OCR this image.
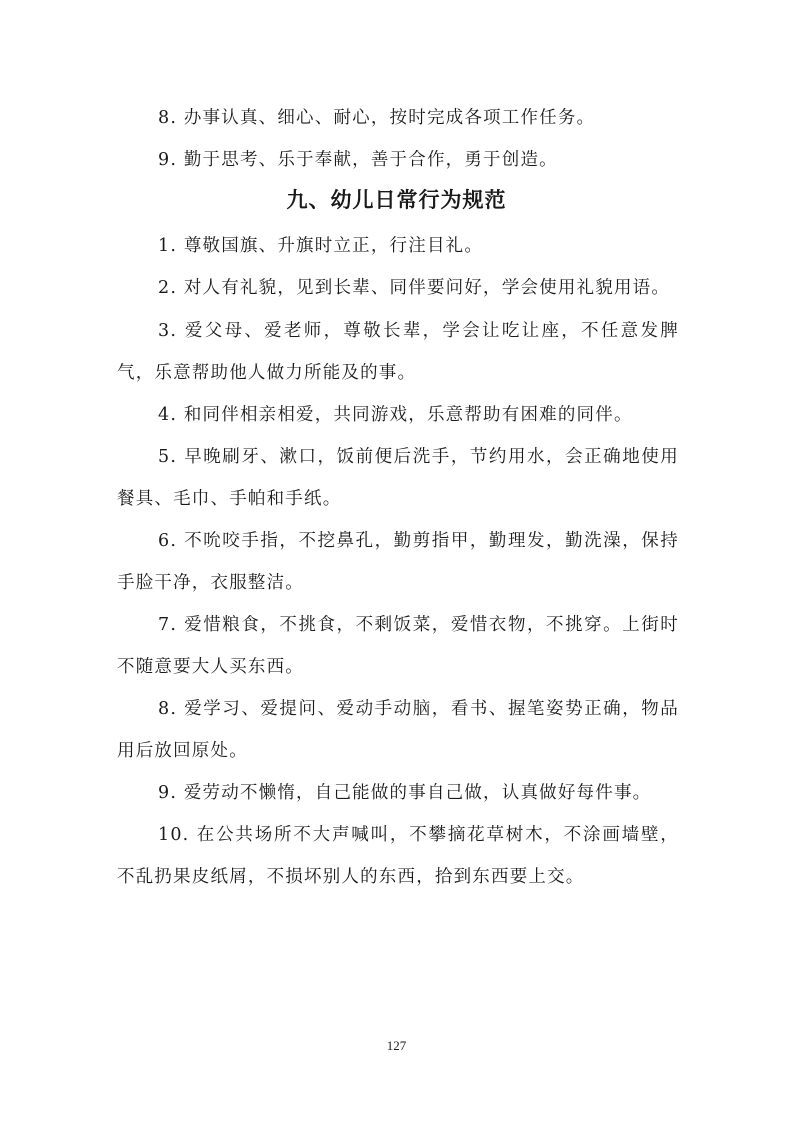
8. 办事认真、细心、耐心，按时完成各项工作任务。

9. 勤于思考、乐于奉献，善于合作，勇于创造。

九、幼儿日常行为规范

1. 尊敬国旗、升旗时立正，行注目礼。

2. 对人有礼貌，见到长辈、同伴要问好，学会使用礼貌用语。

3. 爱父母、爱老师，尊敬长辈，学会让吃让座，不任意发脾气，乐意帮助他人做力所能及的事。

4. 和同伴相亲相爱，共同游戏，乐意帮助有困难的同伴。

5. 早晚刷牙、漱口，饭前便后洗手，节约用水，会正确地使用餐具、毛巾、手帕和手纸。

6. 不吮咬手指，不挖鼻孔，勤剪指甲，勤理发，勤洗澡，保持手脸干净，衣服整洁。

7. 爱惜粮食，不挑食，不剩饭菜，爱惜衣物，不挑穿。上街时不随意要大人买东西。

8. 爱学习、爱提问、爱动手动脑，看书、握笔姿势正确，物品用后放回原处。

9. 爱劳动不懒惰，自己能做的事自己做，认真做好每件事。

10. 在公共场所不大声喊叫，不攀摘花草树木，不涂画墙壁，不乱扔果皮纸屑，不损坏别人的东西，拾到东西要上交。

127
